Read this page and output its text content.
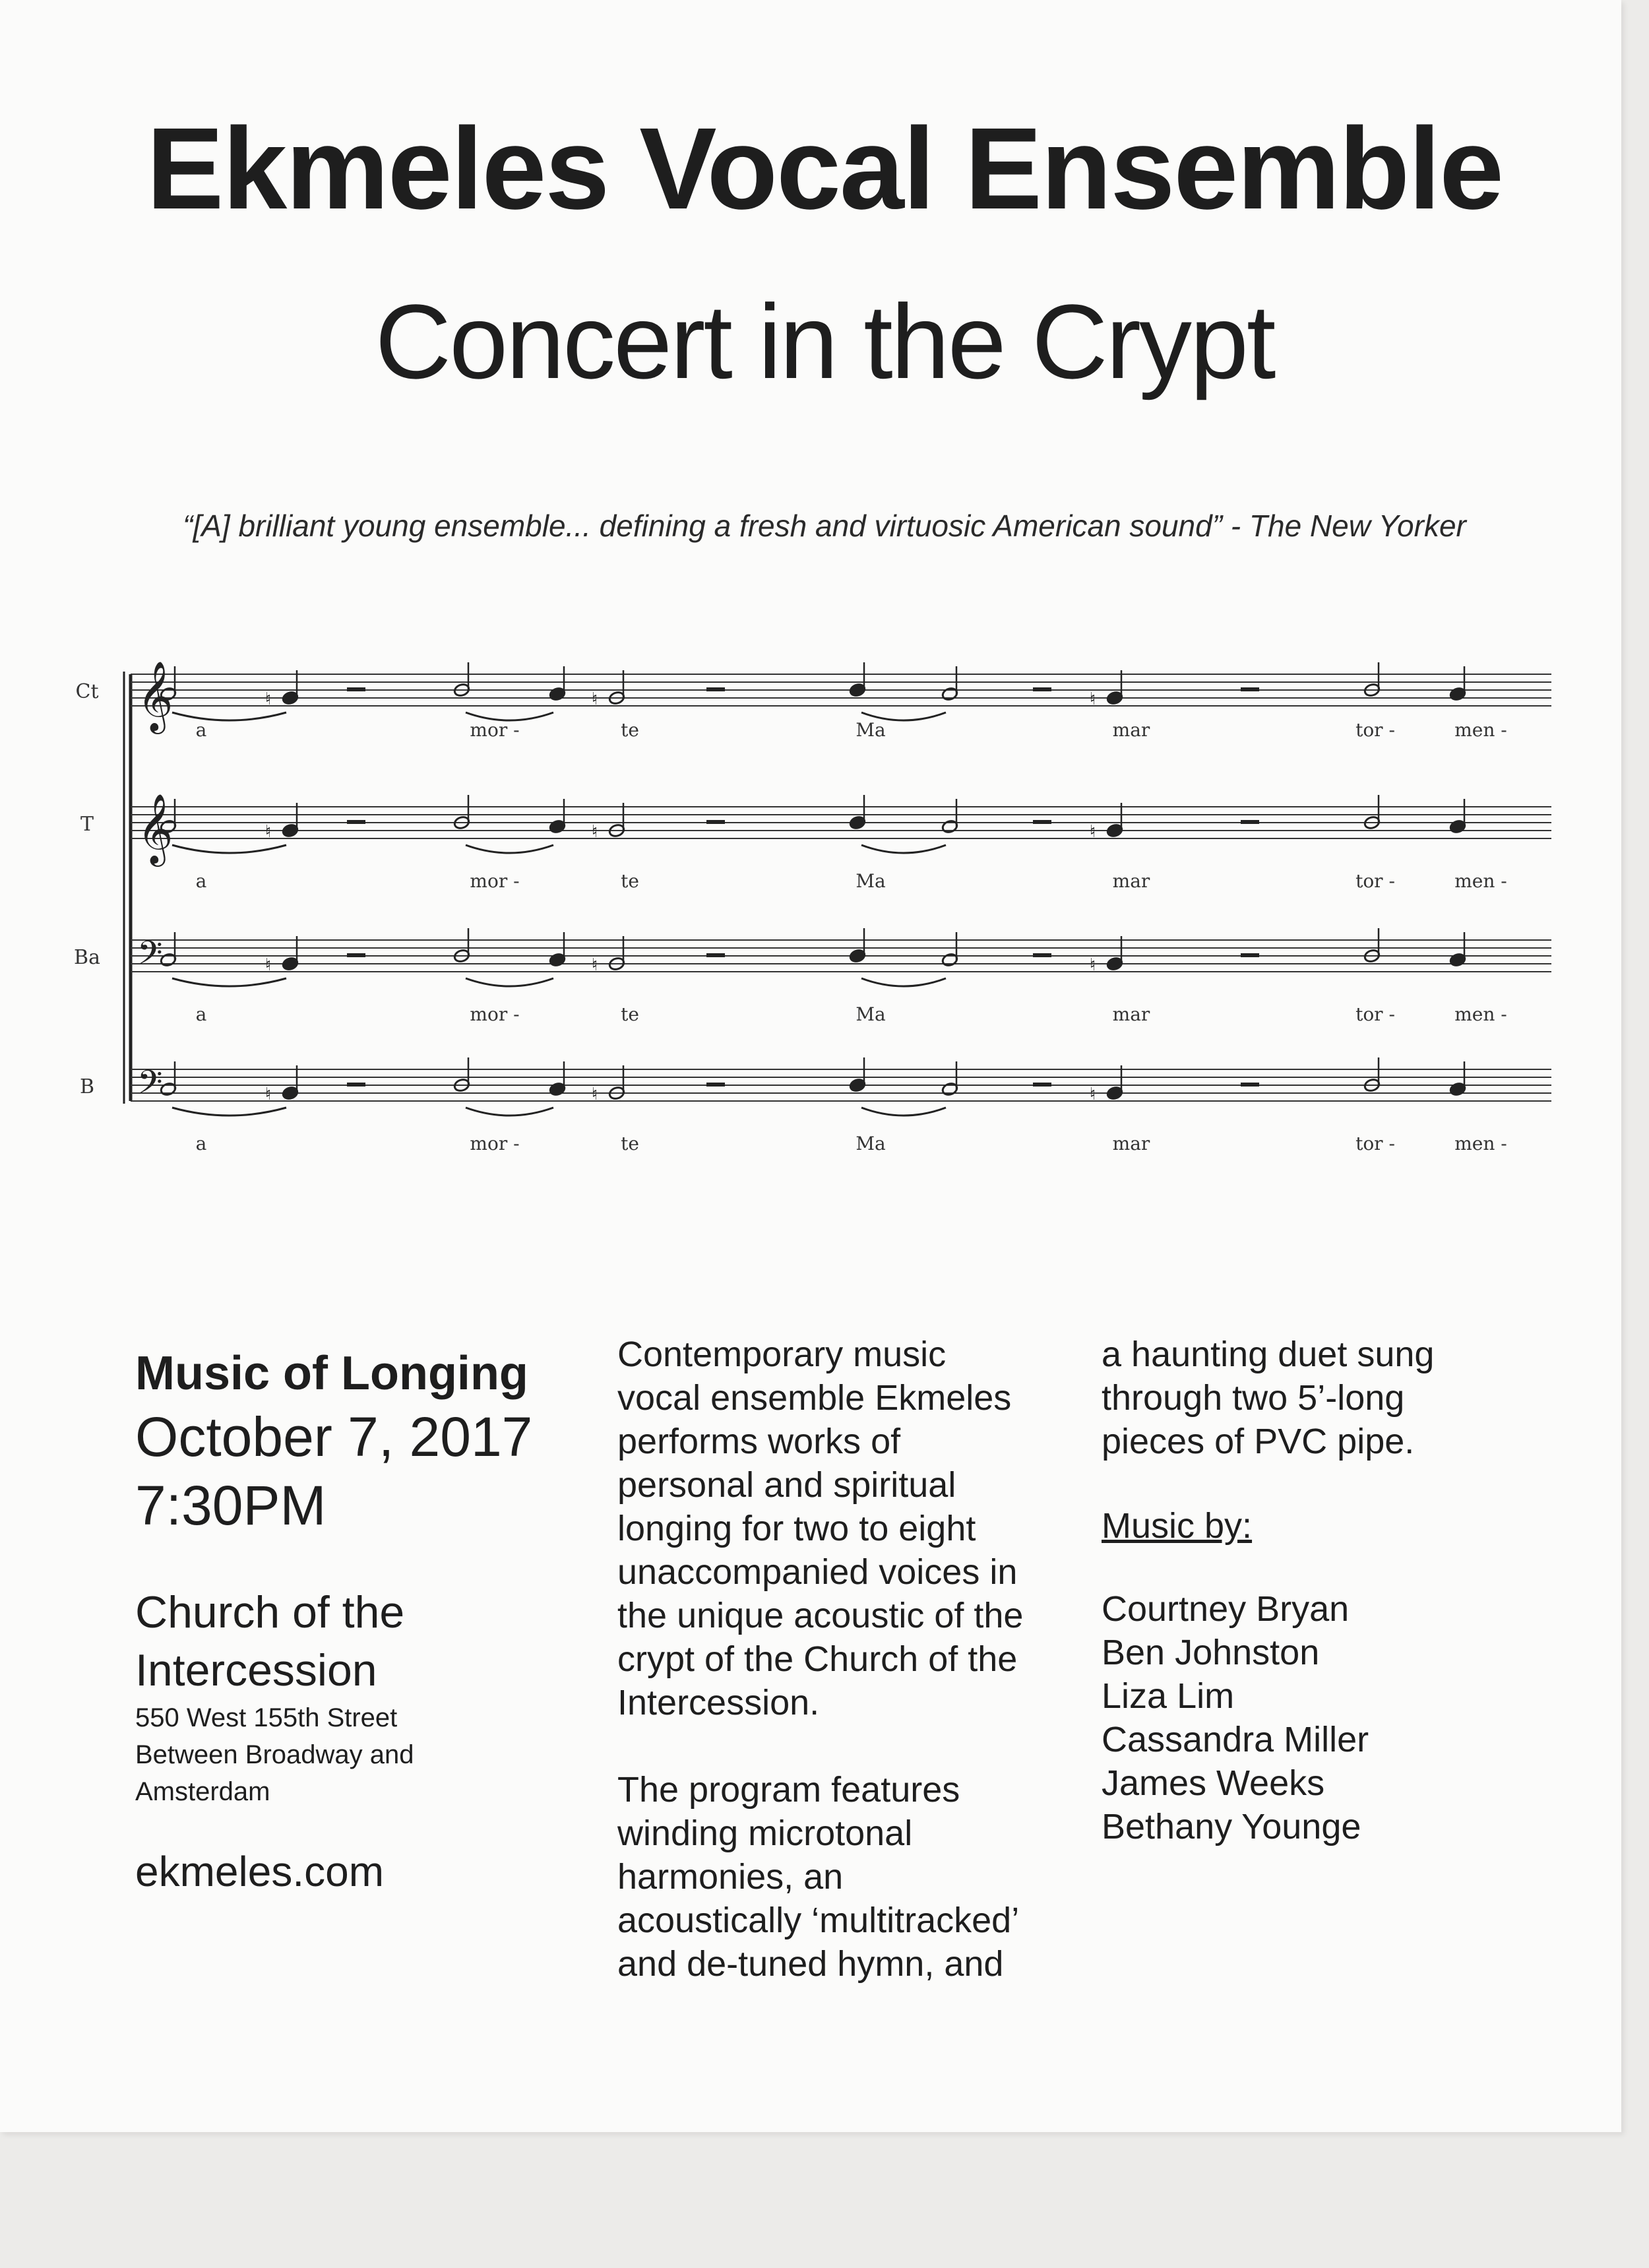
Ekmeles Vocal Ensemble
Concert in the Crypt
“[A] brilliant young ensemble... defining a fresh and virtuosic American sound” - The New Yorker
Ct 𝄞	♮	♮	♮
a	mor -	te	Ma	mar	tor -	men -
T 𝄞	♮	♮	♮
a	mor -	te	Ma	mar	tor -	men -
Ba 𝄢	♮	♮	♮
a	mor -	te	Ma	mar	tor -	men -
B 𝄢	♮	♮	♮
a	mor -	te	Ma	mar	tor -	men -
Music of Longing
October 7, 2017
7:30PM
Church of the
Intercession
550 West 155th Street
Between Broadway and
Amsterdam
ekmeles.com

Contemporary music
vocal ensemble Ekmeles
performs works of
personal and spiritual
longing for two to eight
unaccompanied voices in
the unique acoustic of the
crypt of the Church of the
Intercession.

The program features
winding microtonal
harmonies, an
acoustically ‘multitracked’
and de-tuned hymn, and

a haunting duet sung
through two 5’-long
pieces of PVC pipe.

Music by:
Courtney Bryan
Ben Johnston
Liza Lim
Cassandra Miller
James Weeks
Bethany Younge
